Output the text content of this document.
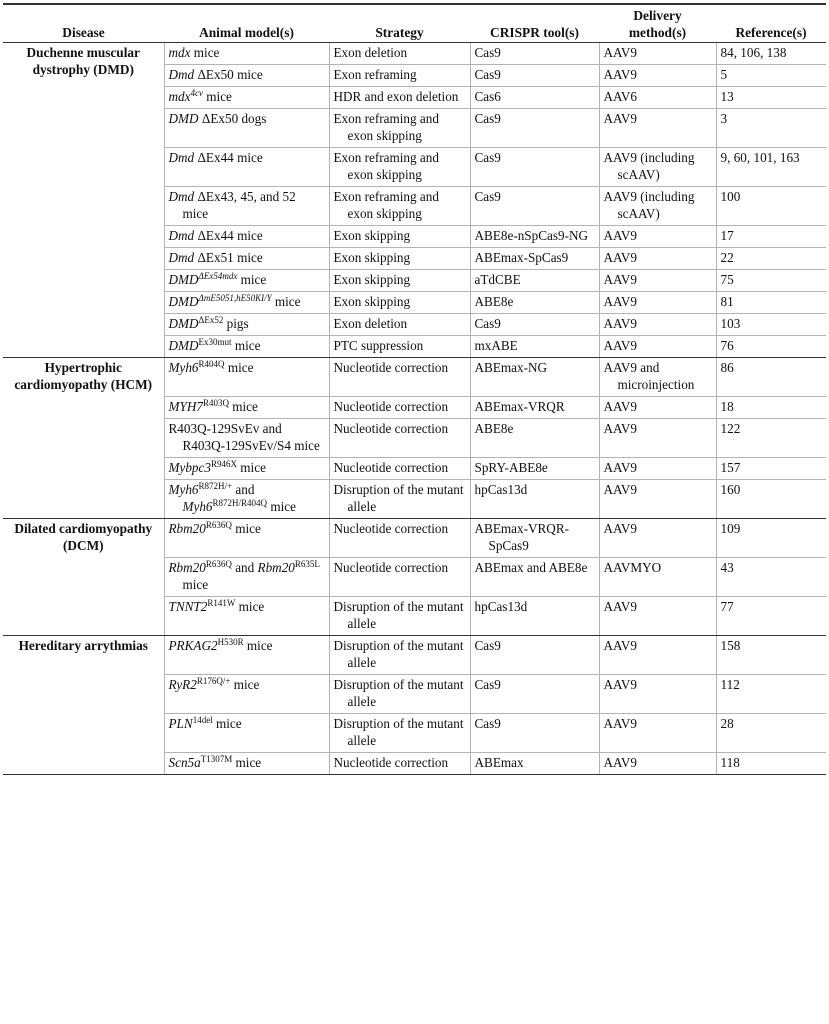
Disease	Animal model(s)	Strategy	CRISPR tool(s)	Delivery method(s)	Reference(s)
Duchenne muscular dystrophy (DMD)	mdx mice	Exon deletion	Cas9	AAV9	84, 106, 138

	Dmd ΔEx50 mice	Exon reframing	Cas9	AAV9	5

	mdx$^{4cv}$ mice	HDR and exon deletion	Cas6	AAV6	13

	DMD ΔEx50 dogs	Exon reframing and exon skipping	Cas9	AAV9	3

	Dmd ΔEx44 mice	Exon reframing and exon skipping	Cas9	AAV9 (including scAAV)	9, 60, 101, 163

	Dmd ΔEx43, 45, and 52 mice	Exon reframing and exon skipping	Cas9	AAV9 (including scAAV)	100

	Dmd ΔEx44 mice	Exon skipping	ABE8e-nSpCas9-NG	AAV9	17

	Dmd ΔEx51 mice	Exon skipping	ABEmax-SpCas9	AAV9	22

	$DMD^{\Delta Ex54mdx}$ mice	Exon skipping	aTdCBE	AAV9	75

	$DMD^{\Delta mE5051,hE50KI/Y}$ mice	Exon skipping	ABE8e	AAV9	81

	$DMD^{\Delta Ex52}$ pigs	Exon deletion	Cas9	AAV9	103

	$DMD^{Ex30mut}$ mice	PTC suppression	mxABE	AAV9	76
Hypertrophic cardiomyopathy (HCM)	$Myh6^{R404Q}$ mice	Nucleotide correction	ABEmax-NG	AAV9 and microinjection	86

	$MYH7^{R403Q}$ mice	Nucleotide correction	ABEmax-VRQR	AAV9	18

	R403Q-129SvEv and R403Q-129SvEv/S4 mice	Nucleotide correction	ABE8e	AAV9	122

	$Mybpc3^{R946X}$ mice	Nucleotide correction	SpRY-ABE8e	AAV9	157

	$Myh6^{R872H/+}$ and $Myh6^{R872H/R404Q}$ mice	Disruption of the mutant allele	hpCas13d	AAV9	160
Dilated cardiomyopathy (DCM)	$Rbm20^{R636Q}$ mice	Nucleotide correction	ABEmax-VRQR-SpCas9	AAV9	109

	$Rbm20^{R636Q}$ and $Rbm20^{R635L}$ mice	Nucleotide correction	ABEmax and ABE8e	AAVMYO	43

	$TNNT2^{R141W}$ mice	Disruption of the mutant allele	hpCas13d	AAV9	77
Hereditary arrythmias	$PRKAG2^{H530R}$ mice	Disruption of the mutant allele	Cas9	AAV9	158

	$RyR2^{R176Q/+}$ mice	Disruption of the mutant allele	Cas9	AAV9	112

	$PLN^{14del}$ mice	Disruption of the mutant allele	Cas9	AAV9	28

	$Scn5a^{T1307M}$ mice	Nucleotide correction	ABEmax	AAV9	118
